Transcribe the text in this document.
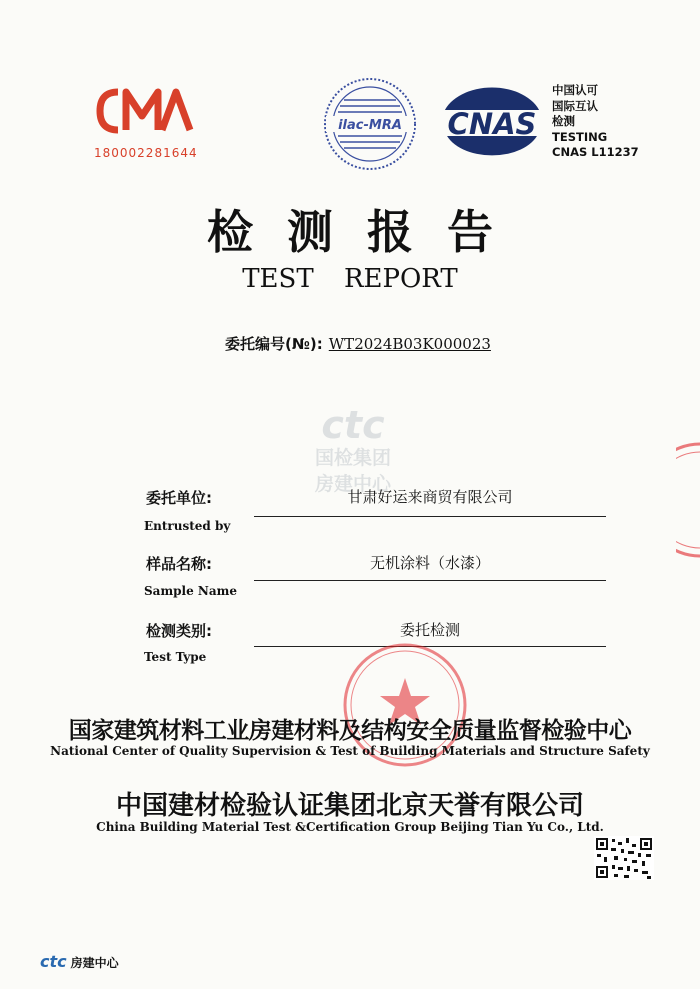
180002281644
ilac-MRA CNAS
中国认可
国际互认
检测
TESTING
CNAS L11237
检测报告
TEST REPORT
委托编号(№): WT2024B03K000023
ctc
国检集团
房建中心
委托单位:
Entrusted by
甘肃好运来商贸有限公司
样品名称:
Sample Name
无机涂料（水漆）
检测类别:
Test Type
委托检测
国家建筑材料工业房建材料及结构安全质量监督检验中心
National Center of Quality Supervision & Test of Building Materials and Structure Safety
中国建材检验认证集团北京天誉有限公司
China Building Material Test &Certification Group Beijing Tian Yu Co., Ltd.
ctc 房建中心
